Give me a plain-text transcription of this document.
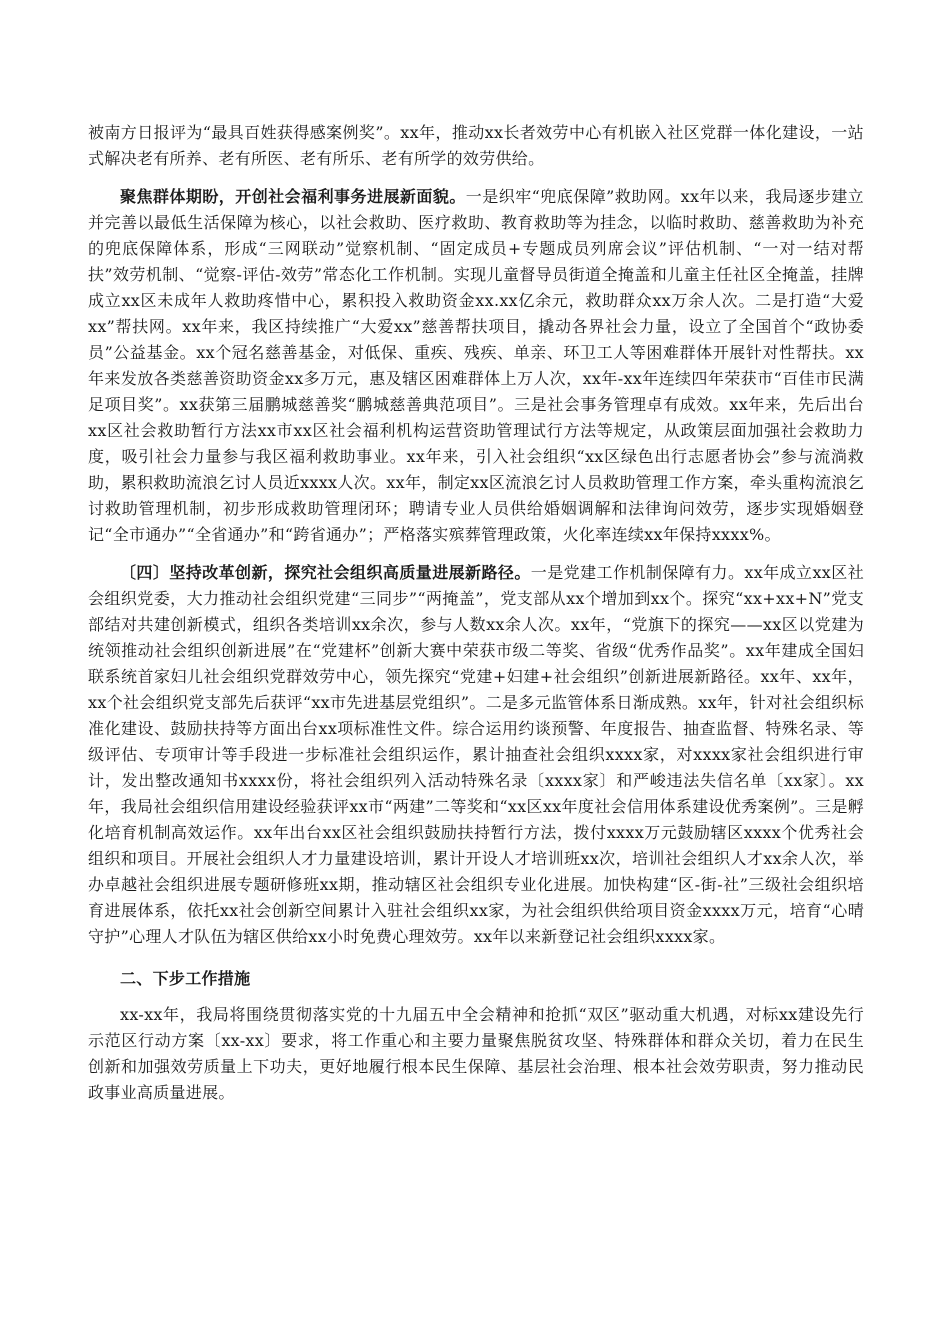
被南方日报评为“最具百姓获得感案例奖”。xx年，推动xx长者效劳中心有机嵌入社区党群一体化建设，一站式解决老有所养、老有所医、老有所乐、老有所学的效劳供给。

聚焦群体期盼，开创社会福利事务进展新面貌。一是织牢“兜底保障”救助网。xx年以来，我局逐步建立并完善以最低生活保障为核心，以社会救助、医疗救助、教育救助等为挂念，以临时救助、慈善救助为补充的兜底保障体系，形成“三网联动”觉察机制、“固定成员+专题成员列席会议”评估机制、“一对一结对帮扶”效劳机制、“觉察-评估-效劳”常态化工作机制。实现儿童督导员街道全掩盖和儿童主任社区全掩盖，挂牌成立xx区未成年人救助疼惜中心，累积投入救助资金xx.xx亿余元，救助群众xx万余人次。二是打造“大爱xx”帮扶网。xx年来，我区持续推广“大爱xx”慈善帮扶项目，撬动各界社会力量，设立了全国首个“政协委员”公益基金。xx个冠名慈善基金，对低保、重疾、残疾、单亲、环卫工人等困难群体开展针对性帮扶。xx年来发放各类慈善资助资金xx多万元，惠及辖区困难群体上万人次，xx年-xx年连续四年荣获市“百佳市民满足项目奖”。xx获第三届鹏城慈善奖“鹏城慈善典范项目”。三是社会事务管理卓有成效。xx年来，先后出台xx区社会救助暂行方法xx市xx区社会福利机构运营资助管理试行方法等规定，从政策层面加强社会救助力度，吸引社会力量参与我区福利救助事业。xx年来，引入社会组织“xx区绿色出行志愿者协会”参与流淌救助，累积救助流浪乞讨人员近xxxx人次。xx年，制定xx区流浪乞讨人员救助管理工作方案，牵头重构流浪乞讨救助管理机制，初步形成救助管理闭环；聘请专业人员供给婚姻调解和法律询问效劳，逐步实现婚姻登记“全市通办”“全省通办”和“跨省通办”；严格落实殡葬管理政策，火化率连续xx年保持xxxx%。

〔四〕坚持改革创新，探究社会组织高质量进展新路径。一是党建工作机制保障有力。xx年成立xx区社会组织党委，大力推动社会组织党建“三同步”“两掩盖”，党支部从xx个增加到xx个。探究“xx+xx+N”党支部结对共建创新模式，组织各类培训xx余次，参与人数xx余人次。xx年，“党旗下的探究——xx区以党建为统领推动社会组织创新进展”在“党建杯”创新大赛中荣获市级二等奖、省级“优秀作品奖”。xx年建成全国妇联系统首家妇儿社会组织党群效劳中心，领先探究“党建+妇建+社会组织”创新进展新路径。xx年、xx年，xx个社会组织党支部先后获评“xx市先进基层党组织”。二是多元监管体系日渐成熟。xx年，针对社会组织标准化建设、鼓励扶持等方面出台xx项标准性文件。综合运用约谈预警、年度报告、抽查监督、特殊名录、等级评估、专项审计等手段进一步标准社会组织运作，累计抽查社会组织xxxx家，对xxxx家社会组织进行审计，发出整改通知书xxxx份，将社会组织列入活动特殊名录〔xxxx家〕和严峻违法失信名单〔xx家〕。xx年，我局社会组织信用建设经验获评xx市“两建”二等奖和“xx区xx年度社会信用体系建设优秀案例”。三是孵化培育机制高效运作。xx年出台xx区社会组织鼓励扶持暂行方法，拨付xxxx万元鼓励辖区xxxx个优秀社会组织和项目。开展社会组织人才力量建设培训，累计开设人才培训班xx次，培训社会组织人才xx余人次，举办卓越社会组织进展专题研修班xx期，推动辖区社会组织专业化进展。加快构建“区-街-社”三级社会组织培育进展体系，依托xx社会创新空间累计入驻社会组织xx家，为社会组织供给项目资金xxxx万元，培育“心晴守护”心理人才队伍为辖区供给xx小时免费心理效劳。xx年以来新登记社会组织xxxx家。

二、下步工作措施

xx-xx年，我局将围绕贯彻落实党的十九届五中全会精神和抢抓“双区”驱动重大机遇，对标xx建设先行示范区行动方案〔xx-xx〕要求，将工作重心和主要力量聚焦脱贫攻坚、特殊群体和群众关切，着力在民生创新和加强效劳质量上下功夫，更好地履行根本民生保障、基层社会治理、根本社会效劳职责，努力推动民政事业高质量进展。
